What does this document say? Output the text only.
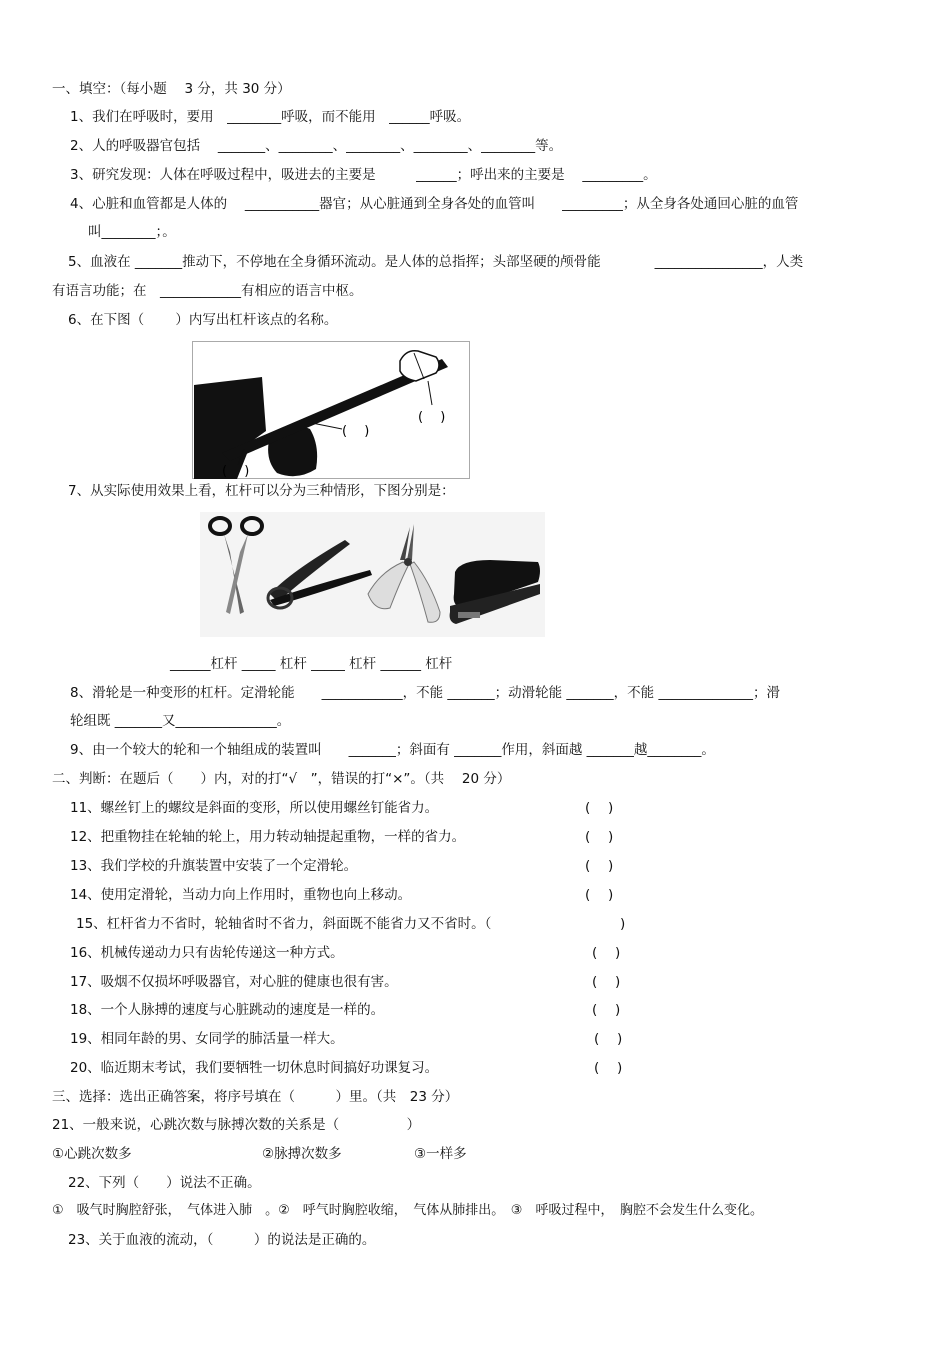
一、填空：（每小题　 3 分，共 30 分）
1、我们在呼吸时，要用　________呼吸，而不能用　______呼吸。
2、人的呼吸器官包括　 _______、________、________、________、________等。
3、研究发现：人体在呼吸过程中，吸进去的主要是　　　______；呼出来的主要是　 _________。
4、心脏和血管都是人体的　 ___________器官；从心脏通到全身各处的血管叫　　_________；从全身各处通回心脏的血管
叫________；。
5、血液在 _______推动下，不停地在全身循环流动。是人体的总指挥；头部坚硬的颅骨能　　　　________________，人类
有语言功能；在　____________有相应的语言中枢。
6、在下图（　　 ）内写出杠杆该点的名称。
(　 )
(　 )
(　 )
7、从实际使用效果上看，杠杆可以分为三种情形，下图分别是：
______杠杆 _____ 杠杆 _____ 杠杆 ______ 杠杆
8、滑轮是一种变形的杠杆。定滑轮能　　____________，不能 _______；动滑轮能 _______，不能 ______________；滑
轮组既 _______又_______________。
9、由一个较大的轮和一个轴组成的装置叫　　_______；斜面有 _______作用，斜面越 _______越________。
二、判断：在题后（　　）内，对的打“√　”，错误的打“×”。（共　 20 分）
11、螺丝钉上的螺纹是斜面的变形，所以使用螺丝钉能省力。	(　 )
12、把重物挂在轮轴的轮上，用力转动轴提起重物，一样的省力。	(　 )
13、我们学校的升旗装置中安装了一个定滑轮。	(　 )
14、使用定滑轮，当动力向上作用时，重物也向上移动。	(　 )
15、杠杆省力不省时，轮轴省时不省力，斜面既不能省力又不省时。（	)
16、机械传递动力只有齿轮传递这一种方式。	(　 )
17、吸烟不仅损坏呼吸器官，对心脏的健康也很有害。	(　 )
18、一个人脉搏的速度与心脏跳动的速度是一样的。	(　 )
19、相同年龄的男、女同学的肺活量一样大。	(　 )
20、临近期末考试，我们要牺牲一切休息时间搞好功课复习。	(　 )
三、选择：选出正确答案，将序号填在（　　　）里。（共　23 分）
21、一般来说，心跳次数与脉搏次数的关系是（　　　　　）
①心跳次数多	②脉搏次数多	③一样多
22、下列（　　）说法不正确。
①　吸气时胸腔舒张，　气体进入肺　。②　呼气时胸腔收缩，　气体从肺排出。　③　呼吸过程中，　胸腔不会发生什么变化。
23、关于血液的流动，（　　　）的说法是正确的。
